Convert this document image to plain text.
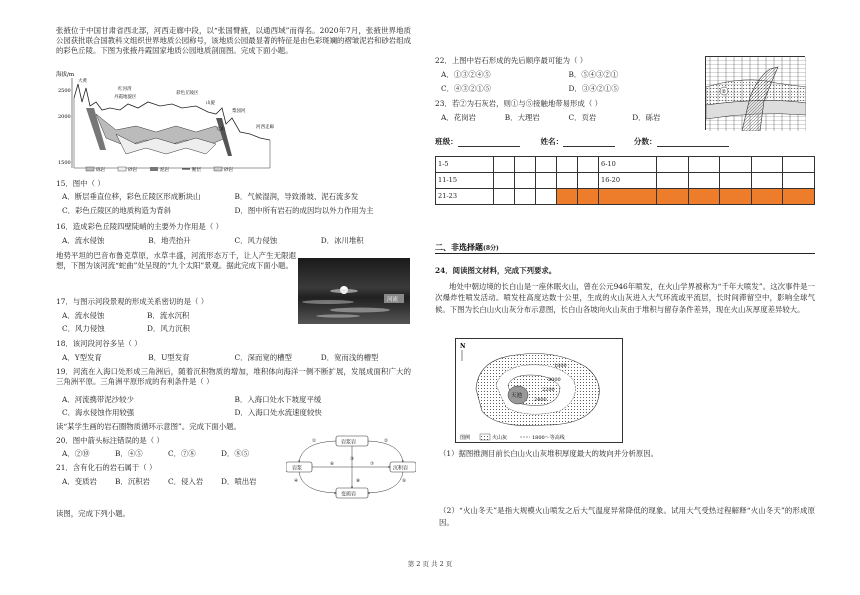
张掖位于中国甘肃省西北部，河西走廊中段，以“张国臂掖，以通西域”而得名。2020年7月，张掖世界地质公园获批联合国教科文组织世界地质公园称号，该地质公园最显著的特征是由色彩斑斓的褶皱泥岩和砂岩组成的彩色丘陵。下图为张掖丹霞国家地质公园地质剖面图。完成下面小题。
海拔/m
2500
2000
1500
大黄
红河湾
丹霞地貌区
彩色丘陵区
山旋
梨园河
力山	河西走廊
砾岩	砂岩	泥岩	断层	砂岩
15．图中（ ）
A．断层垂直位移，彩色丘陵区形成断块山	B．气候湿润，导致滑坡、泥石流多发
C．彩色丘陵区的地质构造为背斜	D．图中所有岩石的成因均以外力作用为主
16．造成彩色丘陵四壁陡峭的主要外力作用是（ ）
A．流水侵蚀	B．地壳抬升	C．风力侵蚀	D．冰川堆积
地势平坦的巴音布鲁克草原，水草丰盛，河流形态万千，让人产生无限遐想，下图为该河流“蛇曲”处呈现的“九个太阳”景观。据此完成下面小题。
河流
17．与图示河段景观的形成关系密切的是（ ）
A．流水侵蚀	B．流水沉积
C．风力侵蚀	D．风力沉积
18．该河段河谷多呈（ ）
A．Y型发育	B．U型发育	C．深而宽的槽型	D．宽而浅的槽型
19．河流在入海口处形成三角洲后，随着沉积物质的增加，堆积体向海洋一侧不断扩展，发展成面积广大的三角洲平原。三角洲平原形成的有利条件是（ ）
A．河流携带泥沙较少	B．入海口处水下坡度平缓
C．海水侵蚀作用较强	D．入海口处水流速度较快
读“某学生画的岩石圈物质循环示意图”。完成下面小题。
20．图中箭头标注错误的是（ ）
A．②⑩	B．④⑤	C．⑦⑧	D．⑧⑤
21．含有化石的岩石属于（ ）
A．变质岩	B．沉积岩	C．侵入岩	D．喷出岩
岩浆岩
岩浆	沉积岩
变质岩
①	②
③
④	⑤
⑥	⑦
⑧
读图，完成下列小题。
22．上图中岩石形成的先后顺序最可能为（ ）
A．①③②④⑤	B．⑤④③②①
C．④③②①⑤	D．③④②①⑤
23．若②为石灰岩，则①与⑤接触地带易形成（ ）
A．花岗岩	B．大理岩	C．页岩	D．砾岩
②
班级：	姓名：	分数：
1-5						6-10					
11-15						16-20					
21-23											
二、非选择题(8分)
24．阅读图文材料，完成下列要求。
地处中朝边境的长白山是一座休眠火山，曾在公元946年喷发，在火山学界被称为“千年大喷发”。这次事件是一次爆炸性喷发活动。喷发柱高度达数十公里，生成的火山灰进入大气环流或平流层，长时间滞留空中，影响全球气候。下图为长白山火山灰分布示意图，长白山各坡向火山灰由于堆积与留存条件差异，现在火山灰厚度差异较大。
N
天池
1800
2000
2200
2400
图例	火山灰	1800～等高线
（1）据图推测目前长白山火山灰堆积厚度最大的坡向并分析原因。
（2）“火山冬天”是指大规模火山喷发之后大气温度异常降低的现象。试用大气受热过程解释“火山冬天”的形成原因。
第 2 页 共 2 页
